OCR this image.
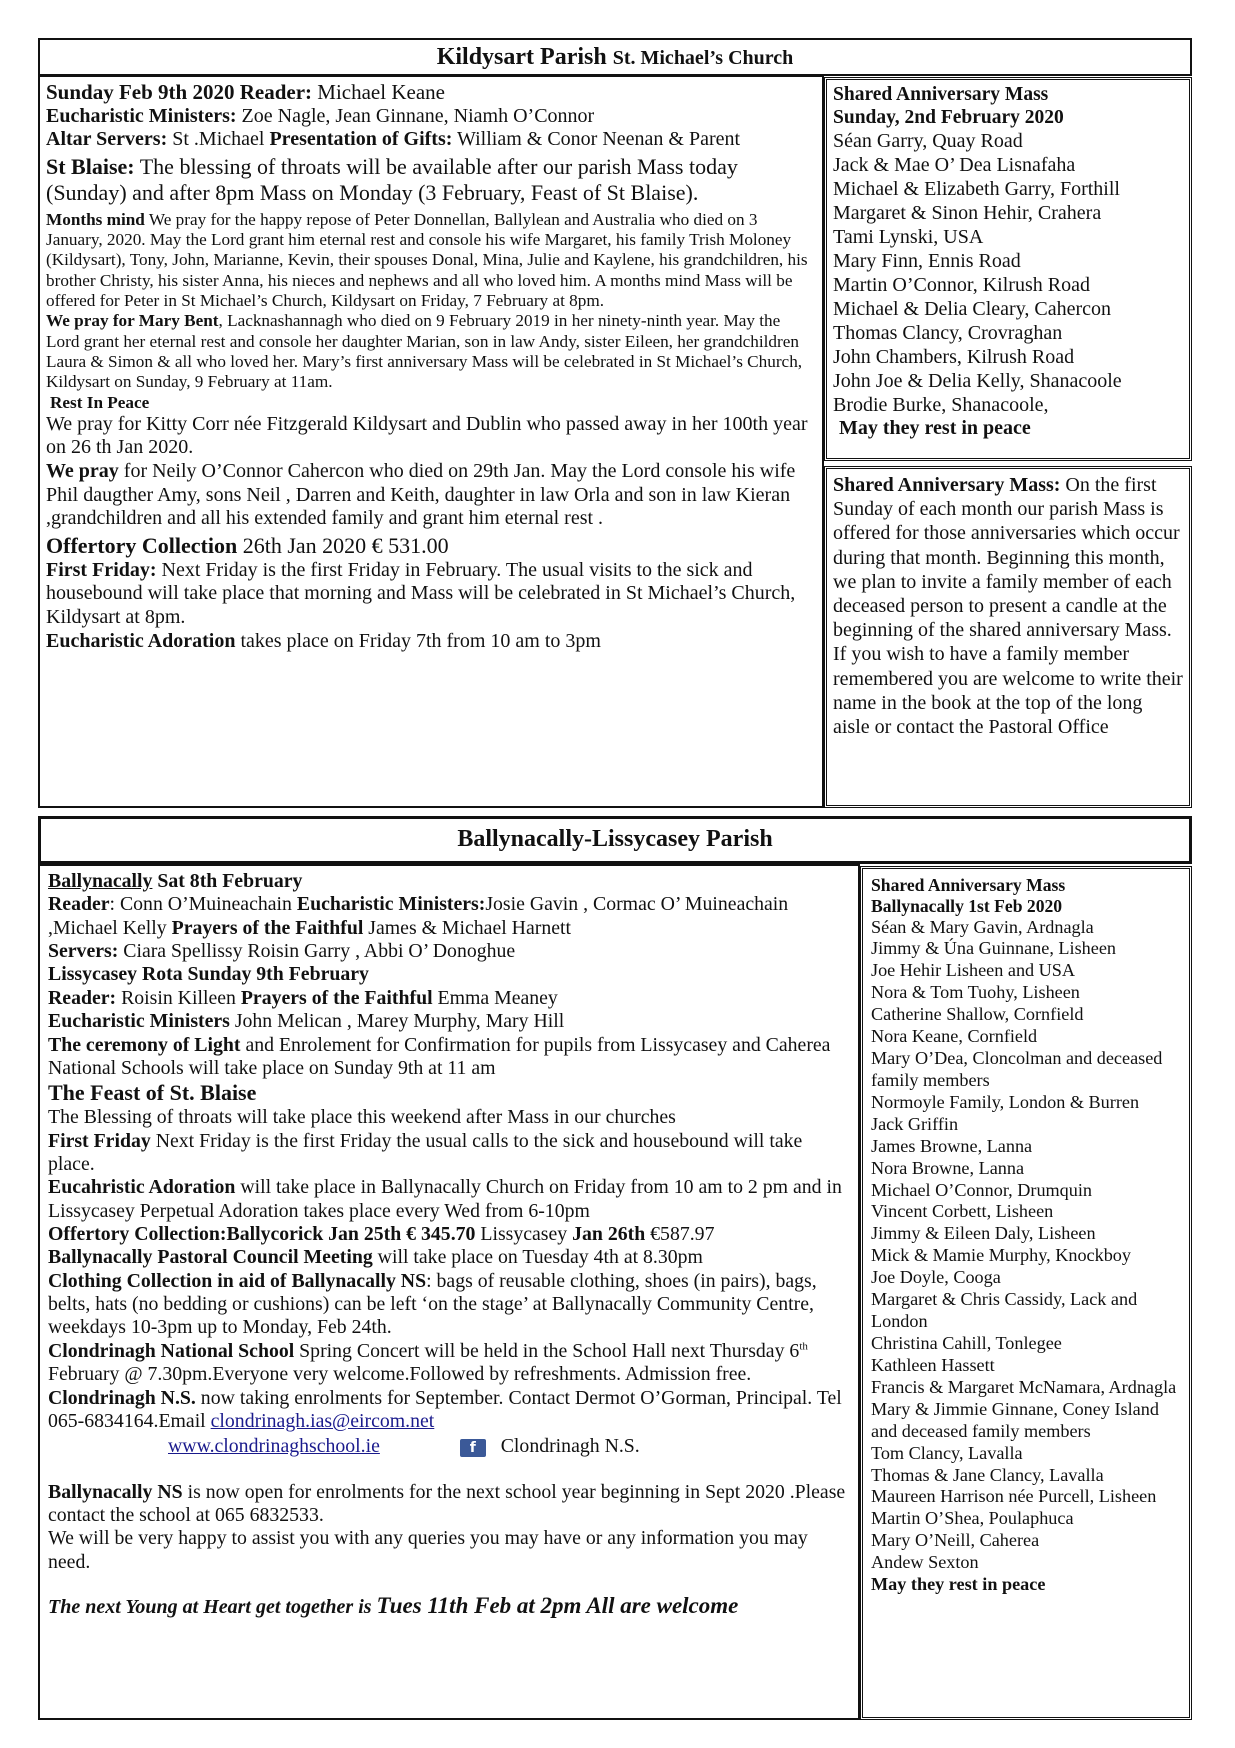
Kildysart Parish St. Michael’s Church

Sunday Feb 9th 2020 Reader: Michael Keane

Eucharistic Ministers: Zoe Nagle, Jean Ginnane, Niamh O’Connor

Altar Servers: St .Michael Presentation of Gifts: William & Conor Neenan & Parent

St Blaise: The blessing of throats will be available after our parish Mass today (Sunday) and after 8pm Mass on Monday (3 February, Feast of St Blaise).

Months mind We pray for the happy repose of Peter Donnellan, Ballylean and Australia who died on 3 January, 2020. May the Lord grant him eternal rest and console his wife Margaret, his family Trish Moloney (Kildysart), Tony, John, Marianne, Kevin, their spouses Donal, Mina, Julie and Kaylene, his grandchildren, his brother Christy, his sister Anna, his nieces and nephews and all who loved him. A months mind Mass will be offered for Peter in St Michael’s Church, Kildysart on Friday, 7 February at 8pm.

We pray for Mary Bent, Lacknashannagh who died on 9 February 2019 in her ninety-ninth year. May the Lord grant her eternal rest and console her daughter Marian, son in law Andy, sister Eileen, her grandchildren Laura & Simon & all who loved her. Mary’s first anniversary Mass will be celebrated in St Michael’s Church, Kildysart on Sunday, 9 February at 11am.

Rest In Peace

We pray for Kitty Corr née Fitzgerald Kildysart and Dublin who passed away in her 100th year on 26 th Jan 2020.

We pray for Neily O’Connor Cahercon who died on 29th Jan. May the Lord console his wife Phil daugther Amy, sons Neil , Darren and Keith, daughter in law Orla and son in law Kieran ,grandchildren and all his extended family and grant him eternal rest .

Offertory Collection 26th Jan 2020 € 531.00

First Friday: Next Friday is the first Friday in February. The usual visits to the sick and housebound will take place that morning and Mass will be celebrated in St Michael’s Church, Kildysart at 8pm.

Eucharistic Adoration takes place on Friday 7th from 10 am to 3pm

Shared Anniversary Mass
Sunday, 2nd February 2020
Séan Garry, Quay Road
Jack & Mae O’ Dea Lisnafaha
Michael & Elizabeth Garry, Forthill
Margaret & Sinon Hehir, Crahera
Tami Lynski, USA
Mary Finn, Ennis Road
Martin O’Connor, Kilrush Road
Michael & Delia Cleary, Cahercon
Thomas Clancy, Crovraghan
John Chambers, Kilrush Road
John Joe & Delia Kelly, Shanacoole
Brodie Burke, Shanacoole,
May they rest in peace

Shared Anniversary Mass: On the first Sunday of each month our parish Mass is offered for those anniversaries which occur during that month. Beginning this month, we plan to invite a family member of each deceased person to present a candle at the beginning of the shared anniversary Mass. If you wish to have a family member remembered you are welcome to write their name in the book at the top of the long aisle or contact the Pastoral Office

Ballynacally-Lissycasey Parish

Ballynacally Sat 8th February

Reader: Conn O’Muineachain Eucharistic Ministers:Josie Gavin , Cormac O’ Muineachain ,Michael Kelly Prayers of the Faithful James & Michael Harnett

Servers: Ciara Spellissy Roisin Garry , Abbi O’ Donoghue

Lissycasey Rota Sunday 9th February

Reader: Roisin Killeen Prayers of the Faithful Emma Meaney

Eucharistic Ministers John Melican , Marey Murphy, Mary Hill

The ceremony of Light and Enrolement for Confirmation for pupils from Lissycasey and Caherea National Schools will take place on Sunday 9th at 11 am

The Feast of St. Blaise

The Blessing of throats will take place this weekend after Mass in our churches

First Friday Next Friday is the first Friday the usual calls to the sick and housebound will take place.

Eucahristic Adoration will take place in Ballynacally Church on Friday from 10 am to 2 pm and in Lissycasey Perpetual Adoration takes place every Wed from 6-10pm

Offertory Collection:Ballycorick Jan 25th € 345.70 Lissycasey Jan 26th €587.97

Ballynacally Pastoral Council Meeting will take place on Tuesday 4th at 8.30pm

Clothing Collection in aid of Ballynacally NS: bags of reusable clothing, shoes (in pairs), bags, belts, hats (no bedding or cushions) can be left ‘on the stage’ at Ballynacally Community Centre, weekdays 10-3pm up to Monday, Feb 24th.

Clondrinagh National School Spring Concert will be held in the School Hall next Thursday 6th February @ 7.30pm.Everyone very welcome.Followed by refreshments. Admission free.

Clondrinagh N.S. now taking enrolments for September. Contact Dermot O’Gorman, Principal. Tel 065-6834164.Email clondrinagh.ias@eircom.net

www.clondrinaghschool.ie	f Clondrinagh N.S.

Ballynacally NS is now open for enrolments for the next school year beginning in Sept 2020 .Please contact the school at 065 6832533.

We will be very happy to assist you with any queries you may have or any information you may need.

The next Young at Heart get together is Tues 11th Feb at 2pm All are welcome

Shared Anniversary Mass
Ballynacally 1st Feb 2020
Séan & Mary Gavin, Ardnagla
Jimmy & Úna Guinnane, Lisheen
Joe Hehir Lisheen and USA
Nora & Tom Tuohy, Lisheen
Catherine Shallow, Cornfield
Nora Keane, Cornfield
Mary O’Dea, Cloncolman and deceased family members
Normoyle Family, London & Burren
Jack Griffin
James Browne, Lanna
Nora Browne, Lanna
Michael O’Connor, Drumquin
Vincent Corbett, Lisheen
Jimmy & Eileen Daly, Lisheen
Mick & Mamie Murphy, Knockboy
Joe Doyle, Cooga
Margaret & Chris Cassidy, Lack and London
Christina Cahill, Tonlegee
Kathleen Hassett
Francis & Margaret McNamara, Ardnagla
Mary & Jimmie Ginnane, Coney Island and deceased family members
Tom Clancy, Lavalla
Thomas & Jane Clancy, Lavalla
Maureen Harrison née Purcell, Lisheen
Martin O’Shea, Poulaphuca
Mary O’Neill, Caherea
Andew Sexton
May they rest in peace
